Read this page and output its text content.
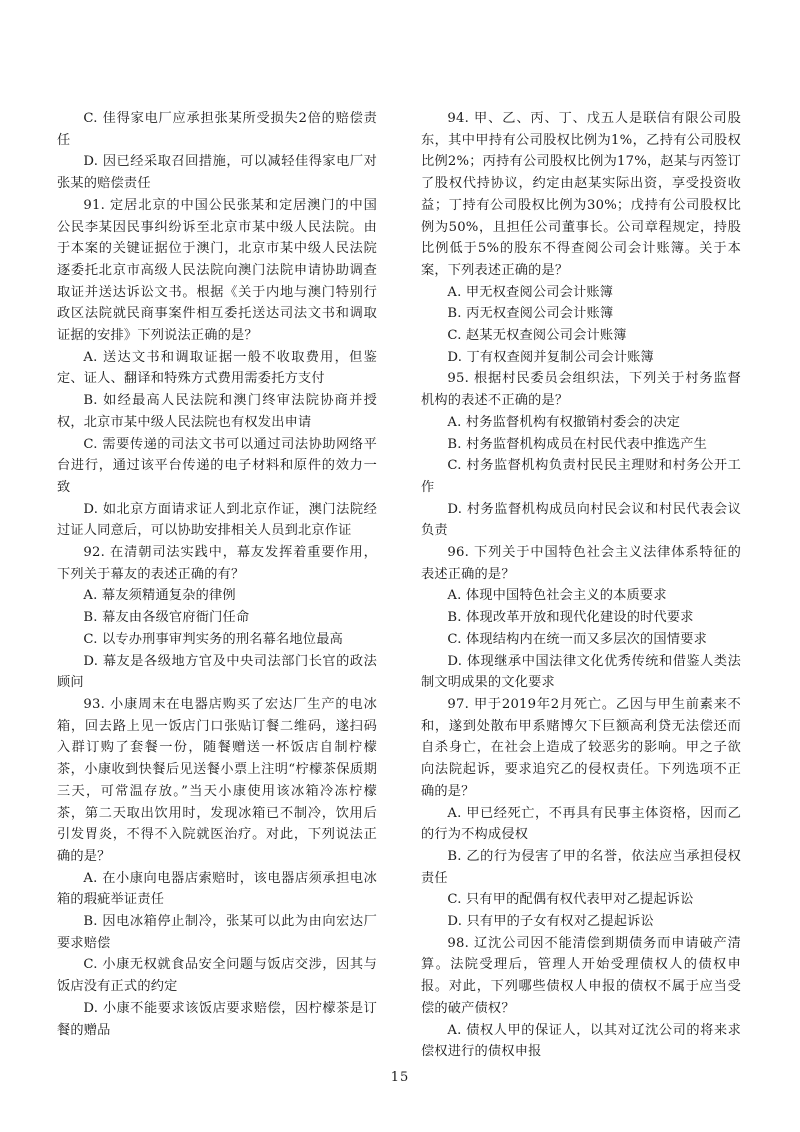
C. 佳得家电厂应承担张某所受损失2倍的赔偿责任

D. 因已经采取召回措施，可以减轻佳得家电厂对张某的赔偿责任

91. 定居北京的中国公民张某和定居澳门的中国公民李某因民事纠纷诉至北京市某中级人民法院。由于本案的关键证据位于澳门，北京市某中级人民法院逐委托北京市高级人民法院向澳门法院申请协助调查取证并送达诉讼文书。根据《关于内地与澳门特别行政区法院就民商事案件相互委托送达司法文书和调取证据的安排》下列说法正确的是？

A. 送达文书和调取证据一般不收取费用，但鉴定、证人、翻译和特殊方式费用需委托方支付

B. 如经最高人民法院和澳门终审法院协商并授权，北京市某中级人民法院也有权发出申请

C. 需要传递的司法文书可以通过司法协助网络平台进行，通过该平台传递的电子材料和原件的效力一致

D. 如北京方面请求证人到北京作证，澳门法院经过证人同意后，可以协助安排相关人员到北京作证

92. 在清朝司法实践中，幕友发挥着重要作用，下列关于幕友的表述正确的有？

A. 幕友须精通复杂的律例

B. 幕友由各级官府衙门任命

C. 以专办刑事审判实务的刑名幕名地位最高

D. 幕友是各级地方官及中央司法部门长官的政法顾问

93. 小康周末在电器店购买了宏达厂生产的电冰箱，回去路上见一饭店门口张贴订餐二维码，遂扫码入群订购了套餐一份，随餐赠送一杯饭店自制柠檬茶，小康收到快餐后见送餐小票上注明“柠檬茶保质期三天，可常温存放。”当天小康使用该冰箱冷冻柠檬茶，第二天取出饮用时，发现冰箱已不制冷，饮用后引发胃炎，不得不入院就医治疗。对此，下列说法正确的是？

A. 在小康向电器店索赔时，该电器店须承担电冰箱的瑕疵举证责任

B. 因电冰箱停止制冷，张某可以此为由向宏达厂要求赔偿

C. 小康无权就食品安全问题与饭店交涉，因其与饭店没有正式的约定

D. 小康不能要求该饭店要求赔偿，因柠檬茶是订餐的赠品

94. 甲、乙、丙、丁、戊五人是联信有限公司股东，其中甲持有公司股权比例为1%，乙持有公司股权比例2%；丙持有公司股权比例为17%，赵某与丙签订了股权代持协议，约定由赵某实际出资，享受投资收益；丁持有公司股权比例为30%；戊持有公司股权比例为50%，且担任公司董事长。公司章程规定，持股比例低于5%的股东不得查阅公司会计账簿。关于本案，下列表述正确的是？

A. 甲无权查阅公司会计账簿

B. 丙无权查阅公司会计账簿

C. 赵某无权查阅公司会计账簿

D. 丁有权查阅并复制公司会计账簿

95. 根据村民委员会组织法，下列关于村务监督机构的表述不正确的是？

A. 村务监督机构有权撤销村委会的决定

B. 村务监督机构成员在村民代表中推选产生

C. 村务监督机构负责村民民主理财和村务公开工作

D. 村务监督机构成员向村民会议和村民代表会议负责

96. 下列关于中国特色社会主义法律体系特征的表述正确的是？

A. 体现中国特色社会主义的本质要求

B. 体现改革开放和现代化建设的时代要求

C. 体现结构内在统一而又多层次的国情要求

D. 体现继承中国法律文化优秀传统和借鉴人类法制文明成果的文化要求

97. 甲于2019年2月死亡。乙因与甲生前素来不和，遂到处散布甲系赌博欠下巨额高利贷无法偿还而自杀身亡，在社会上造成了较恶劣的影响。甲之子欲向法院起诉，要求追究乙的侵权责任。下列选项不正确的是？

A. 甲已经死亡，不再具有民事主体资格，因而乙的行为不构成侵权

B. 乙的行为侵害了甲的名誉，依法应当承担侵权责任

C. 只有甲的配偶有权代表甲对乙提起诉讼

D. 只有甲的子女有权对乙提起诉讼

98. 辽沈公司因不能清偿到期债务而申请破产清算。法院受理后，管理人开始受理债权人的债权申报。对此，下列哪些债权人申报的债权不属于应当受偿的破产债权？

A. 债权人甲的保证人，以其对辽沈公司的将来求偿权进行的债权申报

15
